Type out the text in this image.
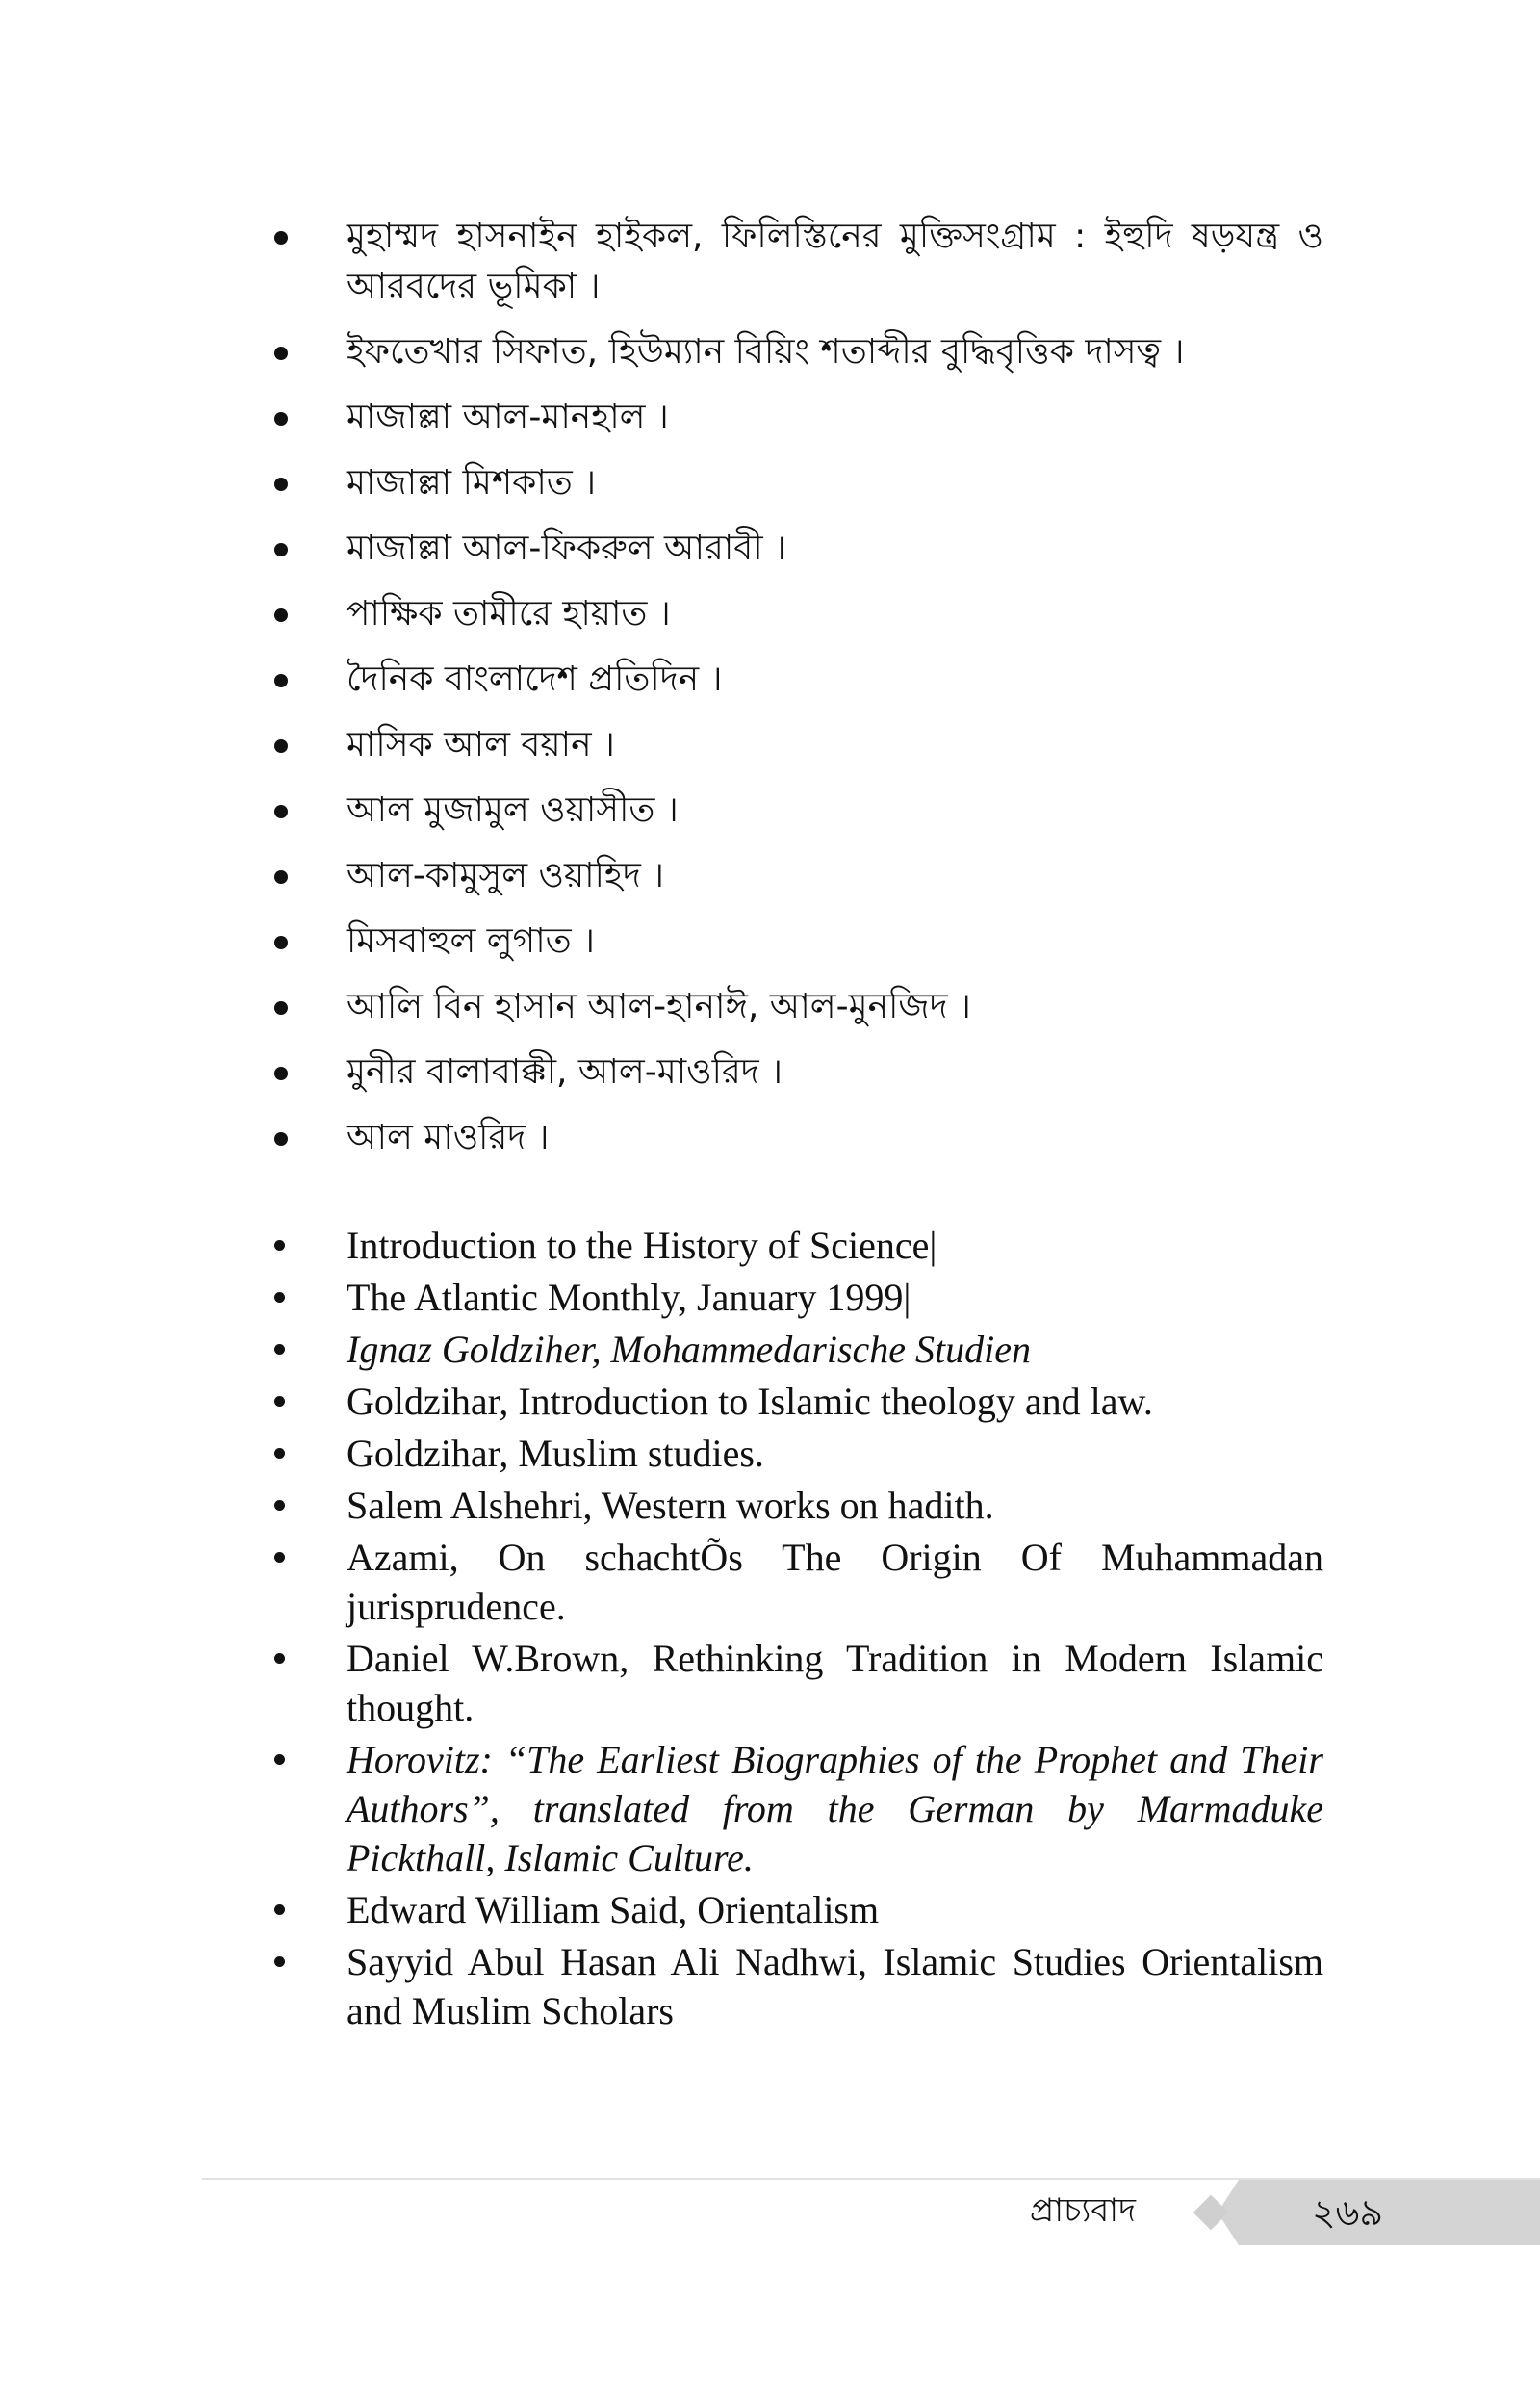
মুহাম্মদ হাসনাইন হাইকল, ফিলিস্তিনের মুক্তিসংগ্রাম : ইহুদি ষড়যন্ত্র ও আরবদের ভূমিকা ।
ইফতেখার সিফাত, হিউম্যান বিয়িং শতাব্দীর বুদ্ধিবৃত্তিক দাসত্ব ।
মাজাল্লা আল-মানহাল ।
মাজাল্লা মিশকাত ।
মাজাল্লা আল-ফিকরুল আরাবী ।
পাক্ষিক তামীরে হায়াত ।
দৈনিক বাংলাদেশ প্রতিদিন ।
মাসিক আল বয়ান ।
আল মুজামুল ওয়াসীত ।
আল-কামুসুল ওয়াহিদ ।
মিসবাহুল লুগাত ।
আলি বিন হাসান আল-হানাঈ, আল-মুনজিদ ।
মুনীর বালাবাক্কী, আল-মাওরিদ ।
আল মাওরিদ ।
Introduction to the History of Science|
The Atlantic Monthly, January 1999|
Ignaz Goldziher, Mohammedarische Studien
Goldzihar, Introduction to Islamic theology and law.
Goldzihar, Muslim studies.
Salem Alshehri, Western works on hadith.
Azami, On schachtÕs The Origin Of Muhammadan jurisprudence.
Daniel W.Brown, Rethinking Tradition in Modern Islamic thought.
Horovitz: “The Earliest Biographies of the Prophet and Their Authors”, translated from the German by Marmaduke Pickthall, Islamic Culture.
Edward William Said, Orientalism
Sayyid Abul Hasan Ali Nadhwi, Islamic Studies Orientalism and Muslim Scholars
প্রাচ্যবাদ	২৬৯
